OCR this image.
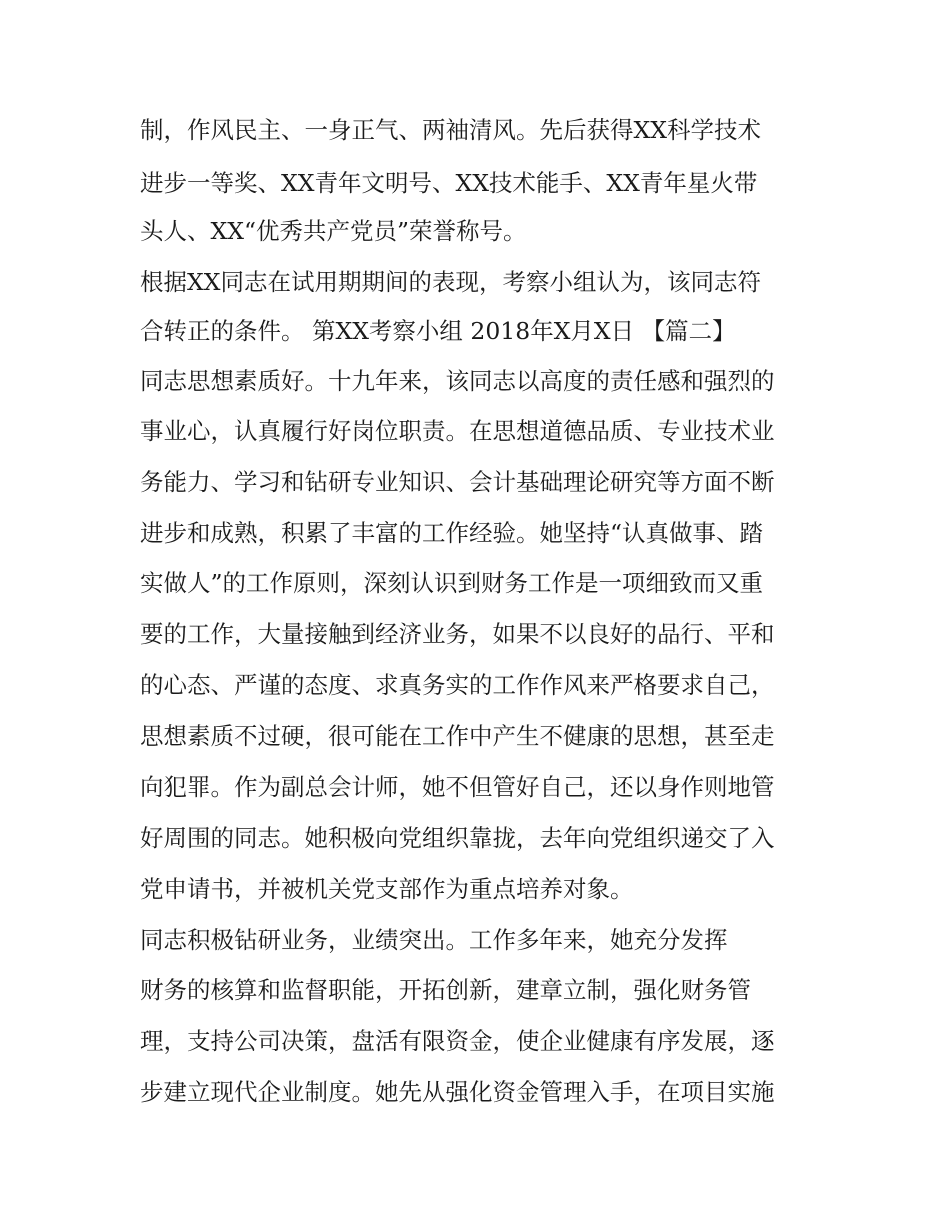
制，作风民主、一身正气、两袖清风。先后获得XX科学技术
进步一等奖、XX青年文明号、XX技术能手、XX青年星火带
头人、XX“优秀共产党员”荣誉称号。
根据XX同志在试用期期间的表现，考察小组认为，该同志符
合转正的条件。 第XX考察小组 2018年X月X日 【篇二】
同志思想素质好。十九年来，该同志以高度的责任感和强烈的
事业心，认真履行好岗位职责。在思想道德品质、专业技术业
务能力、学习和钻研专业知识、会计基础理论研究等方面不断
进步和成熟，积累了丰富的工作经验。她坚持“认真做事、踏
实做人”的工作原则，深刻认识到财务工作是一项细致而又重
要的工作，大量接触到经济业务，如果不以良好的品行、平和
的心态、严谨的态度、求真务实的工作作风来严格要求自己，
思想素质不过硬，很可能在工作中产生不健康的思想，甚至走
向犯罪。作为副总会计师，她不但管好自己，还以身作则地管
好周围的同志。她积极向党组织靠拢，去年向党组织递交了入
党申请书，并被机关党支部作为重点培养对象。
同志积极钻研业务，业绩突出。工作多年来，她充分发挥
财务的核算和监督职能，开拓创新，建章立制，强化财务管
理，支持公司决策，盘活有限资金，使企业健康有序发展，逐
步建立现代企业制度。她先从强化资金管理入手，在项目实施
